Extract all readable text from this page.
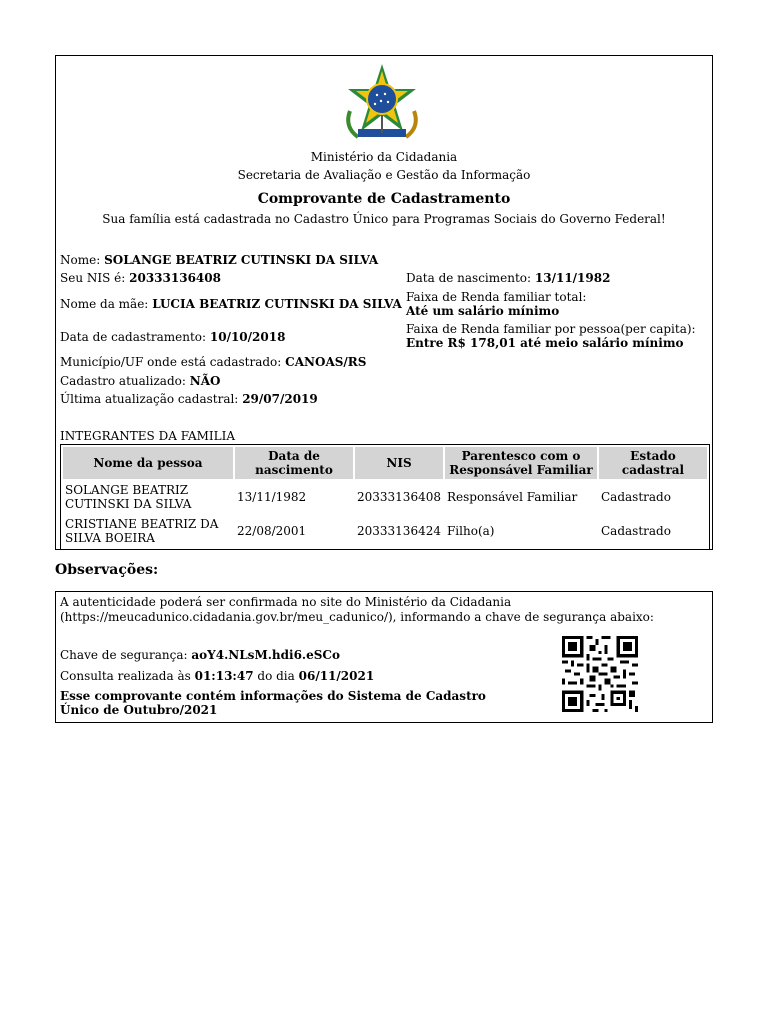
Ministério da Cidadania
Secretaria de Avaliação e Gestão da Informação
Comprovante de Cadastramento
Sua família está cadastrada no Cadastro Único para Programas Sociais do Governo Federal!
Nome: SOLANGE BEATRIZ CUTINSKI DA SILVA
Seu NIS é: 20333136408
Nome da mãe: LUCIA BEATRIZ CUTINSKI DA SILVA
Data de cadastramento: 10/10/2018
Município/UF onde está cadastrado: CANOAS/RS
Cadastro atualizado: NÃO
Última atualização cadastral: 29/07/2019
Data de nascimento: 13/11/1982
Faixa de Renda familiar total:
Até um salário mínimo
Faixa de Renda familiar por pessoa(per capita):
Entre R$ 178,01 até meio salário mínimo
INTEGRANTES DA FAMILIA
Nome da pessoa	Data de nascimento	NIS	Parentesco com o Responsável Familiar	Estado cadastral
SOLANGE BEATRIZ CUTINSKI DA SILVA	13/11/1982	20333136408	Responsável Familiar	Cadastrado
CRISTIANE BEATRIZ DA SILVA BOEIRA	22/08/2001	20333136424	Filho(a)	Cadastrado
Observações:
A autenticidade poderá ser confirmada no site do Ministério da Cidadania
(https://meucadunico.cidadania.gov.br/meu_cadunico/), informando a chave de segurança abaixo:
Chave de segurança: aoY4.NLsM.hdi6.eSCo
Consulta realizada às 01:13:47 do dia 06/11/2021
Esse comprovante contém informações do Sistema de Cadastro
Único de Outubro/2021
